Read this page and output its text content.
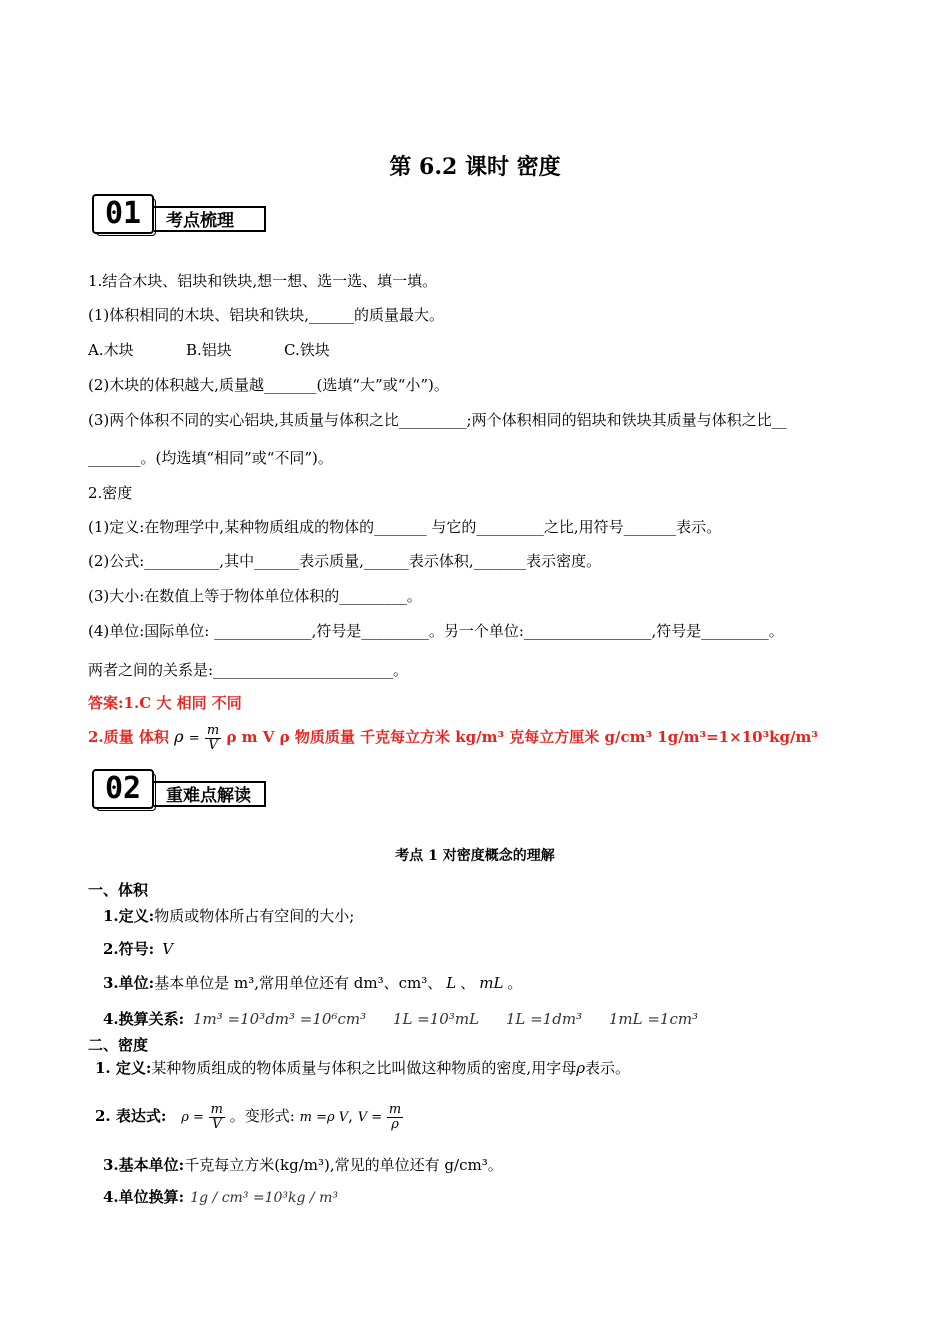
第 6.2 课时 密度
01	考点梳理
1.结合木块、铝块和铁块,想一想、选一选、填一填。
(1)体积相同的木块、铝块和铁块,______的质量最大。
A.木块	B.铝块	C.铁块
(2)木块的体积越大,质量越_______(选填“大”或“小”)。
(3)两个体积不同的实心铝块,其质量与体积之比_________;两个体积相同的铝块和铁块其质量与体积之比__
_______。(均选填“相同”或“不同”)。
2.密度
(1)定义:在物理学中,某种物质组成的物体的_______ 与它的_________之比,用符号_______表示。
(2)公式:__________,其中______表示质量,______表示体积,_______表示密度。
(3)大小:在数值上等于物体单位体积的_________。
(4)单位:国际单位: _____________,符号是_________。另一个单位:_________________,符号是_________。
两者之间的关系是:________________________。
答案:1.C 大 相同 不同
2.质量 体积 $\rho = \frac{m}{V}$ ρ m V ρ 物质质量 千克每立方米 kg/m³ 克每立方厘米 g/cm³ 1g/m³=1×10³kg/m³
02	重难点解读
考点 1 对密度概念的理解
一、体积
1.定义:物质或物体所占有空间的大小;
2.符号: V
3.单位:基本单位是 m³,常用单位还有 dm³、cm³、 L 、 mL 。
4.换算关系: 1m³ =10³dm³ =10⁶cm³ 1L =10³mL 1L =1dm³ 1mL =1cm³
二、密度
1. 定义:某种物质组成的物体质量与体积之比叫做这种物质的密度,用字母ρ表示。
2. 表达式: $\rho = \frac{m}{V}$ 。变形式: m =ρ V, $V = \frac{m}{\rho}$
3.基本单位:千克每立方米(kg/m³),常见的单位还有 g/cm³。
4.单位换算: 1g / cm³ =10³kg / m³
